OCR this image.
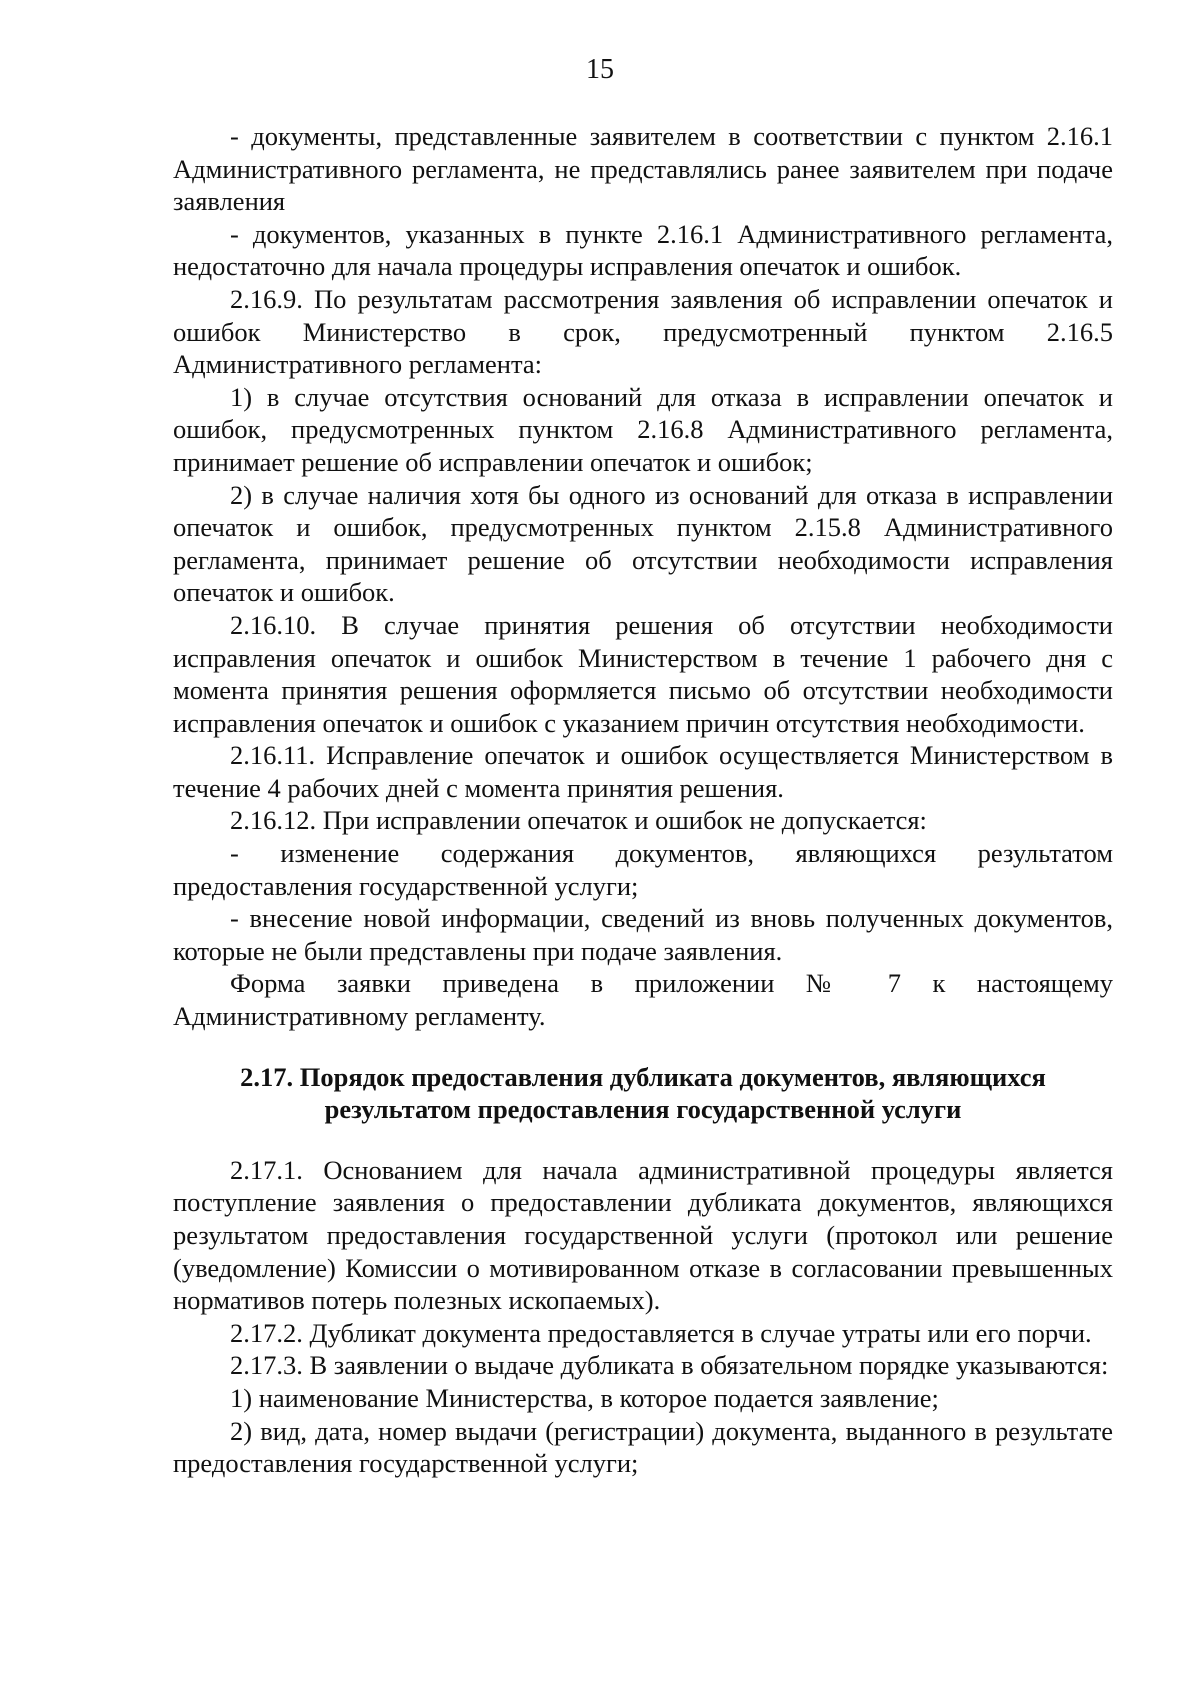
15

- документы, представленные заявителем в соответствии с пунктом 2.16.1 Административного регламента, не представлялись ранее заявителем при подаче заявления

- документов, указанных в пункте 2.16.1 Административного регламента, недостаточно для начала процедуры исправления опечаток и ошибок.

2.16.9. По результатам рассмотрения заявления об исправлении опечаток и ошибок Министерство в срок, предусмотренный пунктом 2.16.5 Административного регламента:

1) в случае отсутствия оснований для отказа в исправлении опечаток и ошибок, предусмотренных пунктом 2.16.8 Административного регламента, принимает решение об исправлении опечаток и ошибок;

2) в случае наличия хотя бы одного из оснований для отказа в исправлении опечаток и ошибок, предусмотренных пунктом 2.15.8 Административного регламента, принимает решение об отсутствии необходимости исправления опечаток и ошибок.

2.16.10. В случае принятия решения об отсутствии необходимости исправления опечаток и ошибок Министерством в течение 1 рабочего дня с момента принятия решения оформляется письмо об отсутствии необходимости исправления опечаток и ошибок с указанием причин отсутствия необходимости.

2.16.11. Исправление опечаток и ошибок осуществляется Министерством в течение 4 рабочих дней с момента принятия решения.

2.16.12. При исправлении опечаток и ошибок не допускается:

- изменение содержания документов, являющихся результатом предоставления государственной услуги;

- внесение новой информации, сведений из вновь полученных документов, которые не были представлены при подаче заявления.

Форма заявки приведена в приложении № 7 к настоящему Административному регламенту.

2.17. Порядок предоставления дубликата документов, являющихся результатом предоставления государственной услуги

2.17.1. Основанием для начала административной процедуры является поступление заявления о предоставлении дубликата документов, являющихся результатом предоставления государственной услуги (протокол или решение (уведомление) Комиссии о мотивированном отказе в согласовании превышенных нормативов потерь полезных ископаемых).

2.17.2. Дубликат документа предоставляется в случае утраты или его порчи.

2.17.3. В заявлении о выдаче дубликата в обязательном порядке указываются:

1) наименование Министерства, в которое подается заявление;

2) вид, дата, номер выдачи (регистрации) документа, выданного в результате предоставления государственной услуги;
